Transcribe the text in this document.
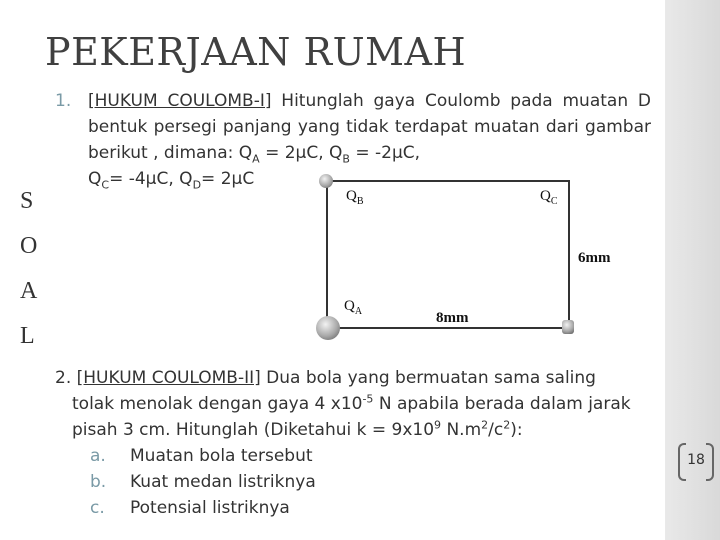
PEKERJAAN RUMAH
S
O
A
L
1. [HUKUM COULOMB-I] Hitunglah gaya Coulomb pada muatan D bentuk persegi panjang yang tidak terdapat muatan dari gambar berikut , dimana: $Q_A = 2\mu C$, $Q_B = -2\mu C$,
$Q_C= -4\mu C$, $Q_D= 2\mu C$
$Q_B$	$Q_C$
$Q_A$	8mm
6mm
2. [HUKUM COULOMB-II] Dua bola yang bermuatan sama saling
tolak menolak dengan gaya 4 $x10^{-5}$ N apabila berada dalam jarak pisah 3 cm. Hitunglah (Diketahui $k = 9x10^9$ $N.m^2/c^2$):
a. Muatan bola tersebut
b. Kuat medan listriknya
c. Potensial listriknya
18
